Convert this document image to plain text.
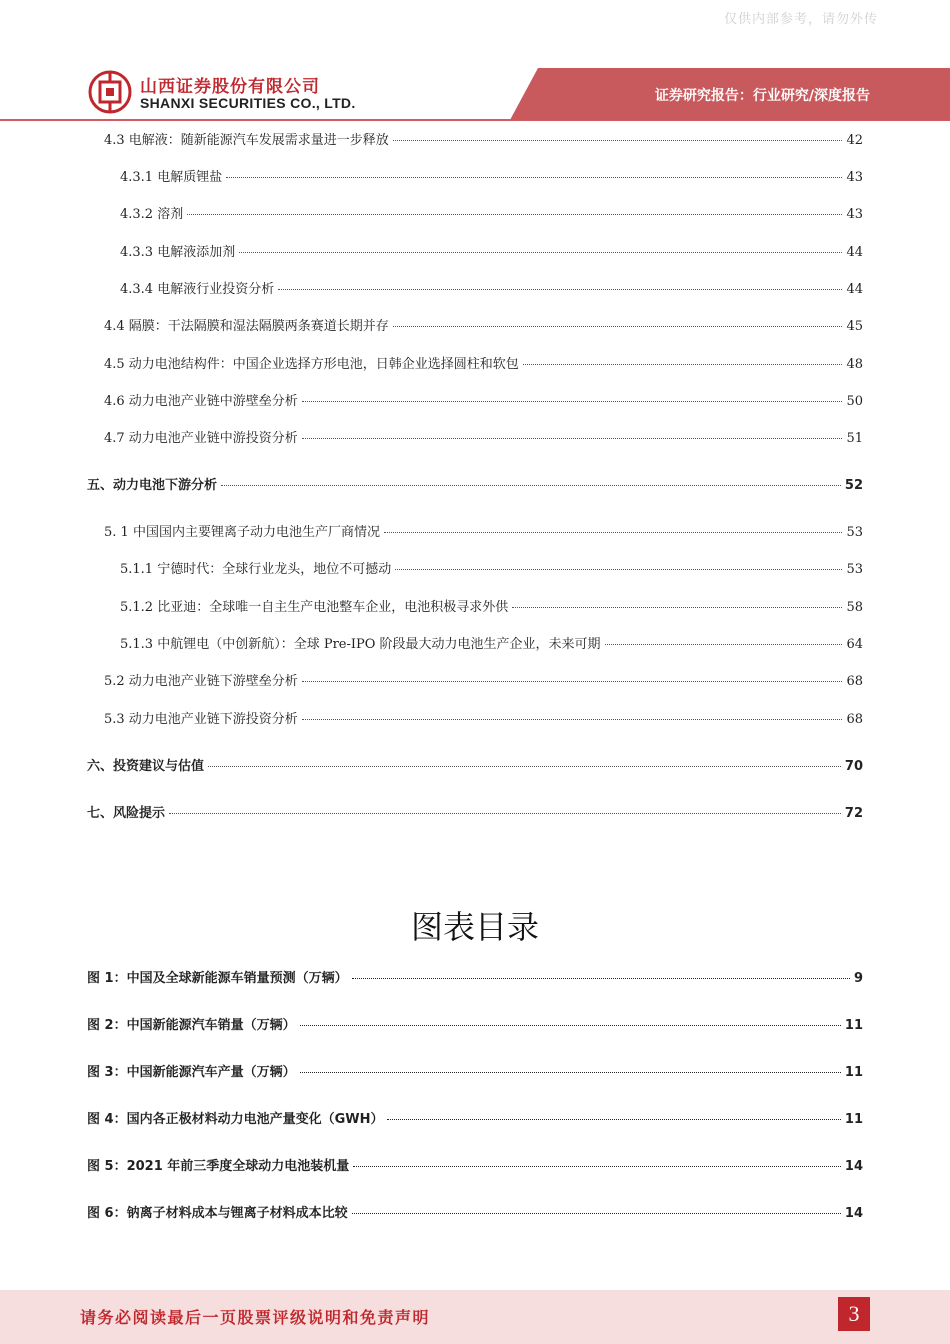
仅供内部参考，请勿外传
山西证券股份有限公司
SHANXI SECURITIES CO., LTD.	证券研究报告：行业研究/深度报告
4.3 电解液：随新能源汽车发展需求量进一步释放	42
4.3.1 电解质锂盐	43
4.3.2 溶剂	43
4.3.3 电解液添加剂	44
4.3.4 电解液行业投资分析	44
4.4 隔膜：干法隔膜和湿法隔膜两条赛道长期并存	45
4.5 动力电池结构件：中国企业选择方形电池，日韩企业选择圆柱和软包	48
4.6 动力电池产业链中游壁垒分析	50
4.7 动力电池产业链中游投资分析	51
五、动力电池下游分析	52
5. 1 中国国内主要锂离子动力电池生产厂商情况	53
5.1.1 宁德时代：全球行业龙头，地位不可撼动	53
5.1.2 比亚迪：全球唯一自主生产电池整车企业，电池积极寻求外供	58
5.1.3 中航锂电（中创新航）：全球 Pre-IPO 阶段最大动力电池生产企业，未来可期	64
5.2 动力电池产业链下游壁垒分析	68
5.3 动力电池产业链下游投资分析	68
六、投资建议与估值	70
七、风险提示	72
图表目录
图 1：中国及全球新能源车销量预测（万辆）	9
图 2：中国新能源汽车销量（万辆）	11
图 3：中国新能源汽车产量（万辆）	11
图 4：国内各正极材料动力电池产量变化（GWH）	11
图 5：2021 年前三季度全球动力电池装机量	14
图 6：钠离子材料成本与锂离子材料成本比较	14
请务必阅读最后一页股票评级说明和免责声明	3
